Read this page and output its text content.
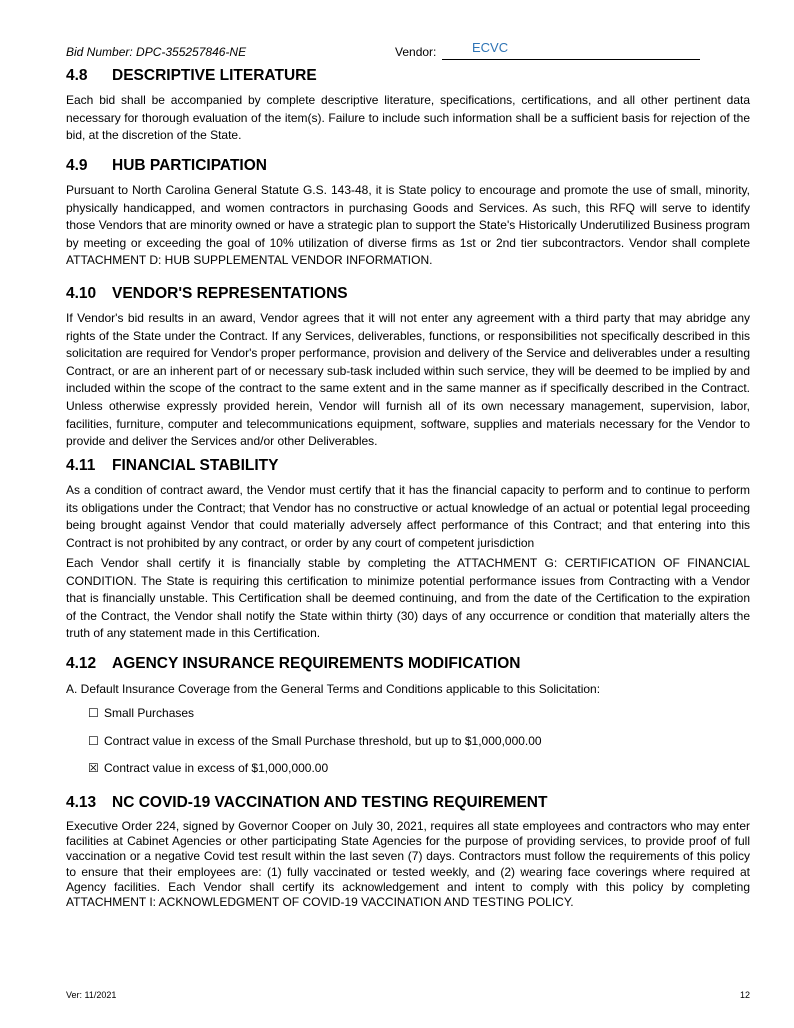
Bid Number: DPC-355257846-NE	Vendor:	ECVC
4.8 DESCRIPTIVE LITERATURE

Each bid shall be accompanied by complete descriptive literature, specifications, certifications, and all other pertinent data necessary for thorough evaluation of the item(s). Failure to include such information shall be a sufficient basis for rejection of the bid, at the discretion of the State.

4.9 HUB PARTICIPATION

Pursuant to North Carolina General Statute G.S. 143-48, it is State policy to encourage and promote the use of small, minority, physically handicapped, and women contractors in purchasing Goods and Services. As such, this RFQ will serve to identify those Vendors that are minority owned or have a strategic plan to support the State's Historically Underutilized Business program by meeting or exceeding the goal of 10% utilization of diverse firms as 1st or 2nd tier subcontractors. Vendor shall complete ATTACHMENT D: HUB SUPPLEMENTAL VENDOR INFORMATION.

4.10 VENDOR'S REPRESENTATIONS

If Vendor's bid results in an award, Vendor agrees that it will not enter any agreement with a third party that may abridge any rights of the State under the Contract. If any Services, deliverables, functions, or responsibilities not specifically described in this solicitation are required for Vendor's proper performance, provision and delivery of the Service and deliverables under a resulting Contract, or are an inherent part of or necessary sub-task included within such service, they will be deemed to be implied by and included within the scope of the contract to the same extent and in the same manner as if specifically described in the Contract. Unless otherwise expressly provided herein, Vendor will furnish all of its own necessary management, supervision, labor, facilities, furniture, computer and telecommunications equipment, software, supplies and materials necessary for the Vendor to provide and deliver the Services and/or other Deliverables.

4.11 FINANCIAL STABILITY

As a condition of contract award, the Vendor must certify that it has the financial capacity to perform and to continue to perform its obligations under the Contract; that Vendor has no constructive or actual knowledge of an actual or potential legal proceeding being brought against Vendor that could materially adversely affect performance of this Contract; and that entering into this Contract is not prohibited by any contract, or order by any court of competent jurisdiction

Each Vendor shall certify it is financially stable by completing the ATTACHMENT G: CERTIFICATION OF FINANCIAL CONDITION. The State is requiring this certification to minimize potential performance issues from Contracting with a Vendor that is financially unstable. This Certification shall be deemed continuing, and from the date of the Certification to the expiration of the Contract, the Vendor shall notify the State within thirty (30) days of any occurrence or condition that materially alters the truth of any statement made in this Certification.

4.12 AGENCY INSURANCE REQUIREMENTS MODIFICATION

A. Default Insurance Coverage from the General Terms and Conditions applicable to this Solicitation:

☐ Small Purchases
☐ Contract value in excess of the Small Purchase threshold, but up to $1,000,000.00
☒ Contract value in excess of $1,000,000.00
4.13 NC COVID-19 VACCINATION AND TESTING REQUIREMENT

Executive Order 224, signed by Governor Cooper on July 30, 2021, requires all state employees and contractors who may enter facilities at Cabinet Agencies or other participating State Agencies for the purpose of providing services, to provide proof of full vaccination or a negative Covid test result within the last seven (7) days. Contractors must follow the requirements of this policy to ensure that their employees are: (1) fully vaccinated or tested weekly, and (2) wearing face coverings where required at Agency facilities. Each Vendor shall certify its acknowledgement and intent to comply with this policy by completing ATTACHMENT I: ACKNOWLEDGMENT OF COVID-19 VACCINATION AND TESTING POLICY.

Ver: 11/2021	12
